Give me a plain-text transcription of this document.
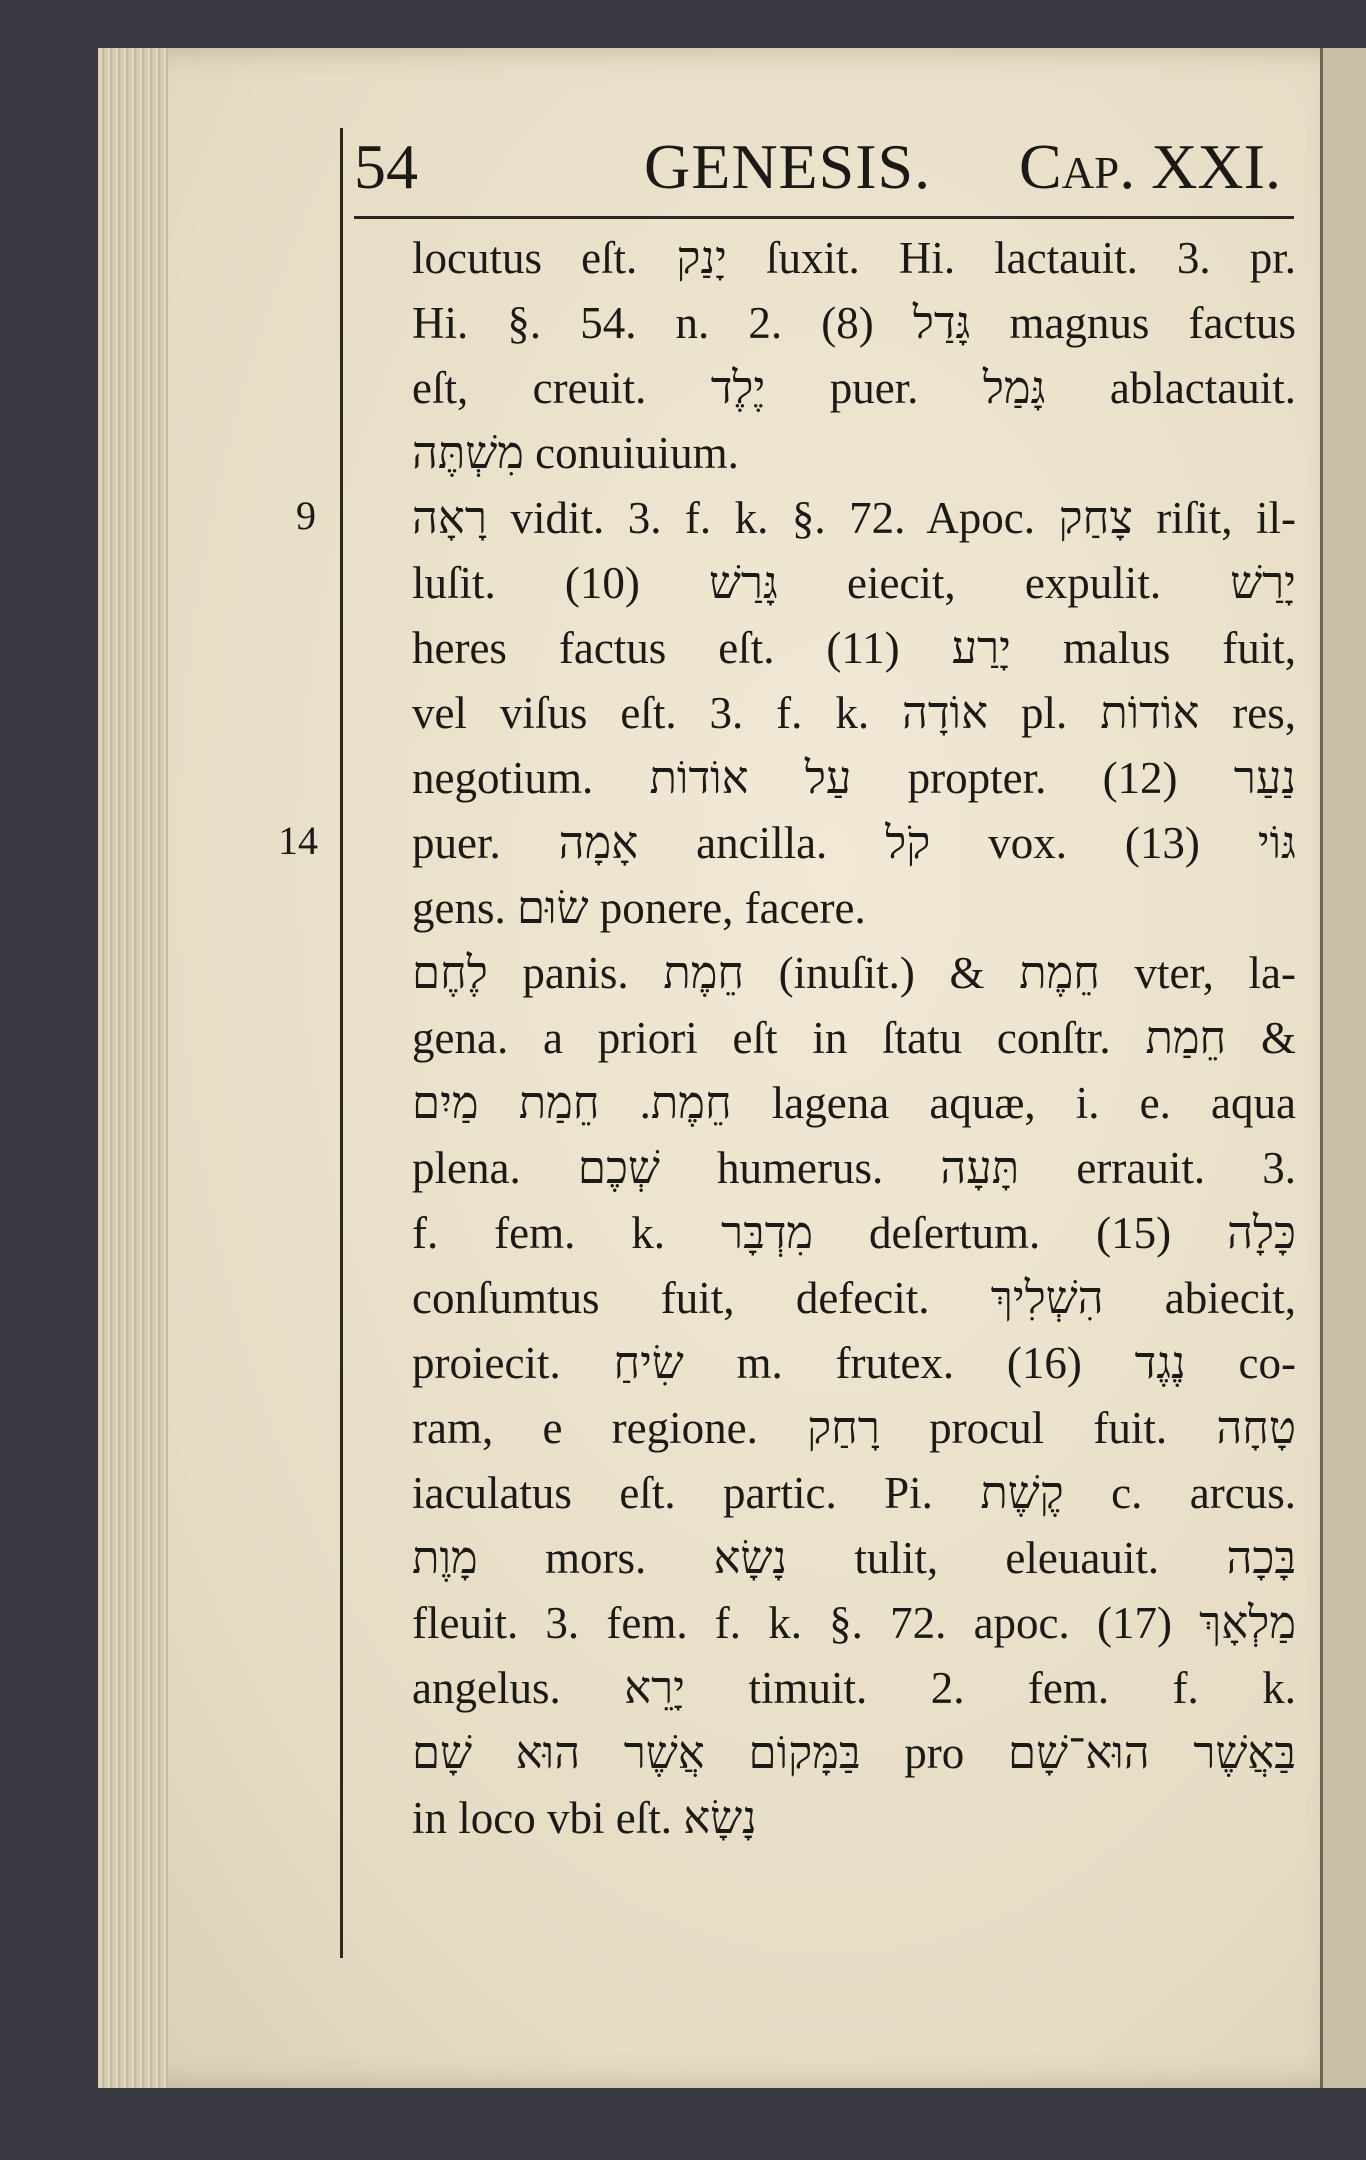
54	GENESIS. Cap. XXI.
9
14
locutus eſt. יָנַק ſuxit. Hi. lactauit. 3. pr.
Hi. §. 54. n. 2. (8) גָּדַל magnus factus
eſt, creuit. יֶלֶד puer. גָּמַל ablactauit.
מִשְׁתֶּה conuiuium.
רָאָה vidit. 3. f. k. §. 72. Apoc. צָחַק riſit, il-
luſit. (10) גָּרַשׁ eiecit, expulit. יָרַשׁ
heres factus eſt. (11) יָרַע malus fuit,
vel viſus eſt. 3. f. k. אוֹדָה pl. אוֹדוֹת res,
negotium. עַל אוֹדוֹת propter. (12) נַעַר
puer. אָמָה ancilla. קֹל vox. (13) גּוֹי
gens. שׂוּם ponere, facere.
לֶחֶם panis. חֵמֶת (inuſit.) & חֵמֶת vter, la-
gena. a priori eſt in ſtatu conſtr. חֵמַת &
חֵמֶת. חֵמַת מַיִם lagena aquæ, i. e. aqua
plena. שְׁכֶם humerus. תָּעָה errauit. 3.
f. fem. k. מִדְבָּר deſertum. (15) כָּלָה
conſumtus fuit, defecit. הִשְׁלִיךְ abiecit,
proiecit. שִׂיחַ m. frutex. (16) נֶגֶד co-
ram, e regione. רָחַק procul fuit. טָחָה
iaculatus eſt. partic. Pi. קֶשֶׁת c. arcus.
מָוֶת mors. נָשָׂא tulit, eleuauit. בָּכָה
fleuit. 3. fem. f. k. §. 72. apoc. (17) מַלְאָךְ
angelus. יָרֵא timuit. 2. fem. f. k.
בַּמָּקוֹם אֲשֶׁר הוּא שָׁם pro בַּאֲשֶׁר הוּא־שָׁם
in loco vbi eſt. נָשָׂא
